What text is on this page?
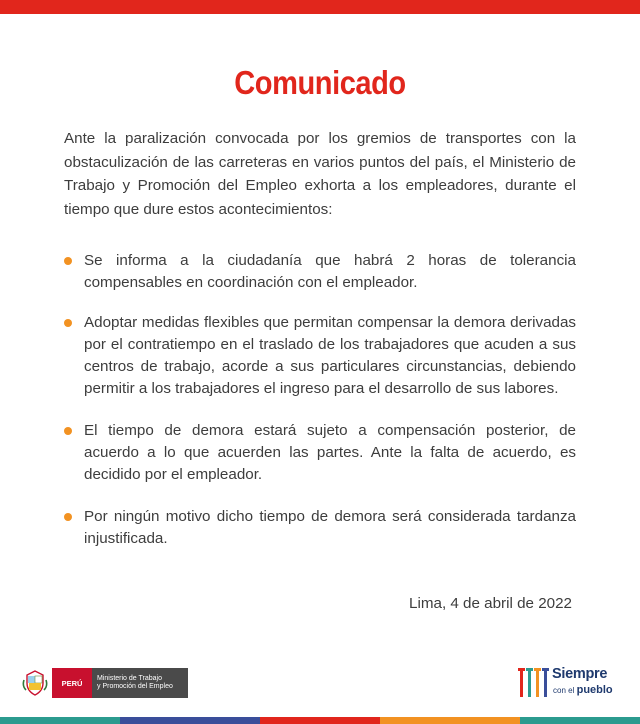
Comunicado

Ante la paralización convocada por los gremios de transportes con la obstaculización de las carreteras en varios puntos del país, el Ministerio de Trabajo y Promoción del Empleo exhorta a los empleadores, durante el tiempo que dure estos acontecimientos:

Se informa a la ciudadanía que habrá 2 horas de tolerancia compensables en coordinación con el empleador.
Adoptar medidas flexibles que permitan compensar la demora derivadas por el contratiempo en el traslado de los trabajadores que acuden a sus centros de trabajo, acorde a sus particulares circunstancias, debiendo permitir a los trabajadores el ingreso para el desarrollo de sus labores.
El tiempo de demora estará sujeto a compensación posterior, de acuerdo a lo que acuerden las partes. Ante la falta de acuerdo, es decidido por el empleador.
Por ningún motivo dicho tiempo de demora será considerada tardanza injustificada.
Lima, 4 de abril de 2022
PERÚ	Ministerio de Trabajo
y Promoción del Empleo
Siempre
con el pueblo
